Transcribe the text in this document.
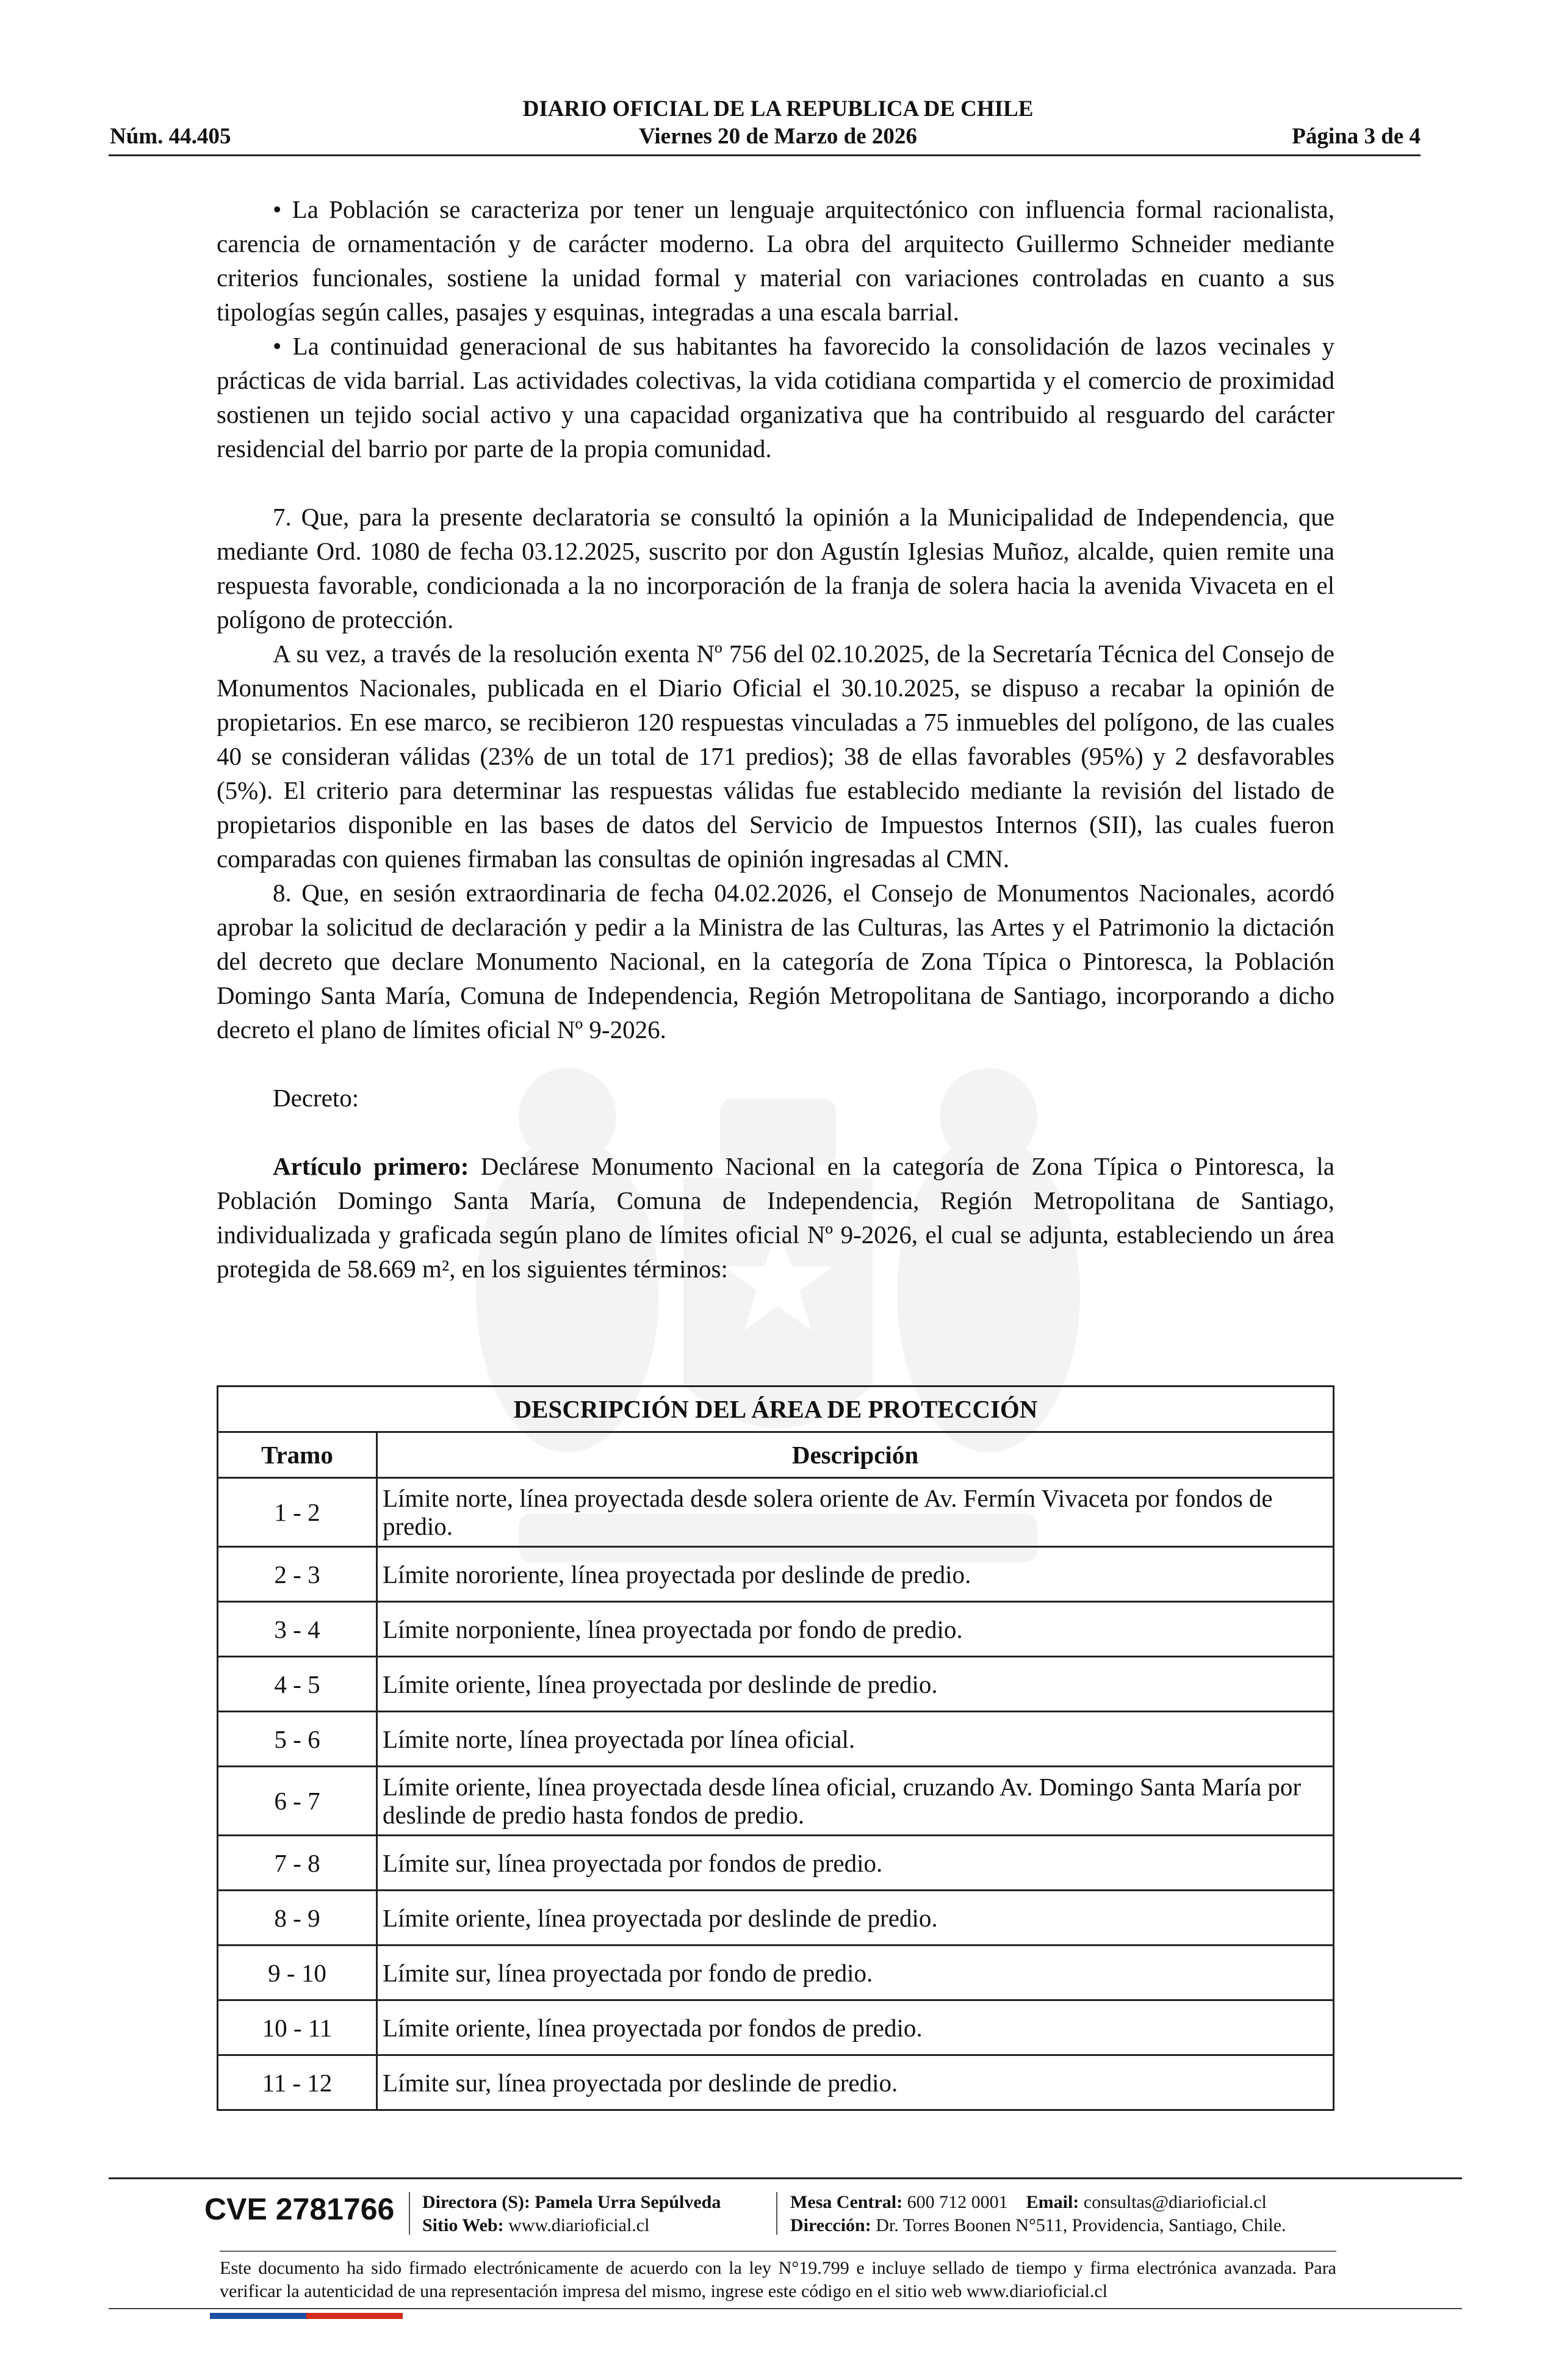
DIARIO OFICIAL DE LA REPUBLICA DE CHILE
Núm. 44.405	Viernes 20 de Marzo de 2026	Página 3 de 4

• La Población se caracteriza por tener un lenguaje arquitectónico con influencia formal racionalista, carencia de ornamentación y de carácter moderno. La obra del arquitecto Guillermo Schneider mediante criterios funcionales, sostiene la unidad formal y material con variaciones controladas en cuanto a sus tipologías según calles, pasajes y esquinas, integradas a una escala barrial.

• La continuidad generacional de sus habitantes ha favorecido la consolidación de lazos vecinales y prácticas de vida barrial. Las actividades colectivas, la vida cotidiana compartida y el comercio de proximidad sostienen un tejido social activo y una capacidad organizativa que ha contribuido al resguardo del carácter residencial del barrio por parte de la propia comunidad.

7. Que, para la presente declaratoria se consultó la opinión a la Municipalidad de Independencia, que mediante Ord. 1080 de fecha 03.12.2025, suscrito por don Agustín Iglesias Muñoz, alcalde, quien remite una respuesta favorable, condicionada a la no incorporación de la franja de solera hacia la avenida Vivaceta en el polígono de protección.

A su vez, a través de la resolución exenta Nº 756 del 02.10.2025, de la Secretaría Técnica del Consejo de Monumentos Nacionales, publicada en el Diario Oficial el 30.10.2025, se dispuso a recabar la opinión de propietarios. En ese marco, se recibieron 120 respuestas vinculadas a 75 inmuebles del polígono, de las cuales 40 se consideran válidas (23% de un total de 171 predios); 38 de ellas favorables (95%) y 2 desfavorables (5%). El criterio para determinar las respuestas válidas fue establecido mediante la revisión del listado de propietarios disponible en las bases de datos del Servicio de Impuestos Internos (SII), las cuales fueron comparadas con quienes firmaban las consultas de opinión ingresadas al CMN.

8. Que, en sesión extraordinaria de fecha 04.02.2026, el Consejo de Monumentos Nacionales, acordó aprobar la solicitud de declaración y pedir a la Ministra de las Culturas, las Artes y el Patrimonio la dictación del decreto que declare Monumento Nacional, en la categoría de Zona Típica o Pintoresca, la Población Domingo Santa María, Comuna de Independencia, Región Metropolitana de Santiago, incorporando a dicho decreto el plano de límites oficial Nº 9-2026.

Decreto:

Artículo primero: Declárese Monumento Nacional en la categoría de Zona Típica o Pintoresca, la Población Domingo Santa María, Comuna de Independencia, Región Metropolitana de Santiago, individualizada y graficada según plano de límites oficial Nº 9-2026, el cual se adjunta, estableciendo un área protegida de 58.669 m², en los siguientes términos:

DESCRIPCIÓN DEL ÁREA DE PROTECCIÓN	
Tramo	Descripción
1 - 2	Límite norte, línea proyectada desde solera oriente de Av. Fermín Vivaceta por fondos de predio.
2 - 3	Límite nororiente, línea proyectada por deslinde de predio.
3 - 4	Límite norponiente, línea proyectada por fondo de predio.
4 - 5	Límite oriente, línea proyectada por deslinde de predio.
5 - 6	Límite norte, línea proyectada por línea oficial.
6 - 7	Límite oriente, línea proyectada desde línea oficial, cruzando Av. Domingo Santa María por deslinde de predio hasta fondos de predio.
7 - 8	Límite sur, línea proyectada por fondos de predio.
8 - 9	Límite oriente, línea proyectada por deslinde de predio.
9 - 10	Límite sur, línea proyectada por fondo de predio.
10 - 11	Límite oriente, línea proyectada por fondos de predio.
11 - 12	Límite sur, línea proyectada por deslinde de predio.
CVE 2781766 Directora (S): Pamela Urra Sepúlveda
Sitio Web: www.diarioficial.cl
Mesa Central: 600 712 0001 Email: consultas@diarioficial.cl
Dirección: Dr. Torres Boonen N°511, Providencia, Santiago, Chile.
Este documento ha sido firmado electrónicamente de acuerdo con la ley N°19.799 e incluye sellado de tiempo y firma electrónica avanzada. Para verificar la autenticidad de una representación impresa del mismo, ingrese este código en el sitio web www.diarioficial.cl
